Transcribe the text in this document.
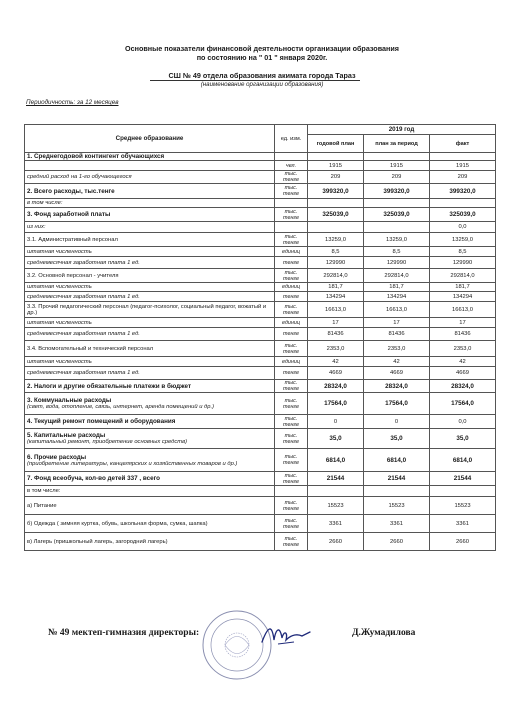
Основные показатели финансовой деятельности организации образования
по состоянию на " 01 " января 2020г.
СШ № 49 отдела образования акимата города Тараз
(наименование организации образования)
Периодичность: за 12 месяцев
Среднее образование	ед. изм.	2019 год		
		годовой план	план за период	факт

1. Среднегодовой контингент обучающихся				

	чел.	1915	1915	1915

средний расход на 1-го обучающегося	тыс. тенге	209	209	209

2. Всего расходы, тыс.тенге	тыс. тенге	399320,0	399320,0	399320,0

в том числе:				

3. Фонд заработной платы	тыс. тенге	325039,0	325039,0	325039,0

из них:				0,0

3.1. Административный персонал	тыс. тенге	13259,0	13259,0	13259,0

штатная численность	единиц	8,5	8,5	8,5

среднемесячная заработная плата 1 ед.	тенге	129990	129990	129990

3.2. Основной персонал - учителя	тыс. тенге	292814,0	292814,0	292814,0

штатная численность	единиц	181,7	181,7	181,7

среднемесячная заработная плата 1 ед.	тенге	134294	134294	134294

3.3. Прочий педагогический персонал (педагог-психолог, социальный педагог, вожатый и др.)	тыс. тенге	16613,0	16613,0	16613,0

штатная численность	единиц	17	17	17

среднемесячная заработная плата 1 ед.	тенге	81436	81436	81436

3.4. Вспомогательный и технический персонал	тыс. тенге	2353,0	2353,0	2353,0

штатная численность	единиц	42	42	42

среднемесячная заработная плата 1 ед.	тенге	4669	4669	4669

2. Налоги и другие обязательные платежи в бюджет	тыс. тенге	28324,0	28324,0	28324,0

3. Коммунальные расходы
(свет, вода, отопление, связь, интернет, аренда помещений и др.)	тыс. тенге	17564,0	17564,0	17564,0

4. Текущий ремонт помещений и оборудования	тыс. тенге	0	0	0,0

5. Капитальные расходы
(капитальный ремонт, приобретение основных средств)	тыс. тенге	35,0	35,0	35,0

6. Прочие расходы
(приобретение литературы, канцелярских и хозяйственных товаров и др.)	тыс. тенге	6814,0	6814,0	6814,0

7. Фонд всеобуча, кол-во детей 337 , всего	тыс. тенге	21544	21544	21544

в том числе:				

а) Питание	тыс. тенге	15523	15523	15523

б) Одежда ( зимняя куртка, обувь, школьная форма, сумка, шапка)	тыс. тенге	3361	3361	3361

в) Лагерь (пришкольный лагерь, загородний лагерь)	тыс. тенге	2660	2660	2660
№ 49 мектеп-гимназия директоры:	Д.Жумадилова
